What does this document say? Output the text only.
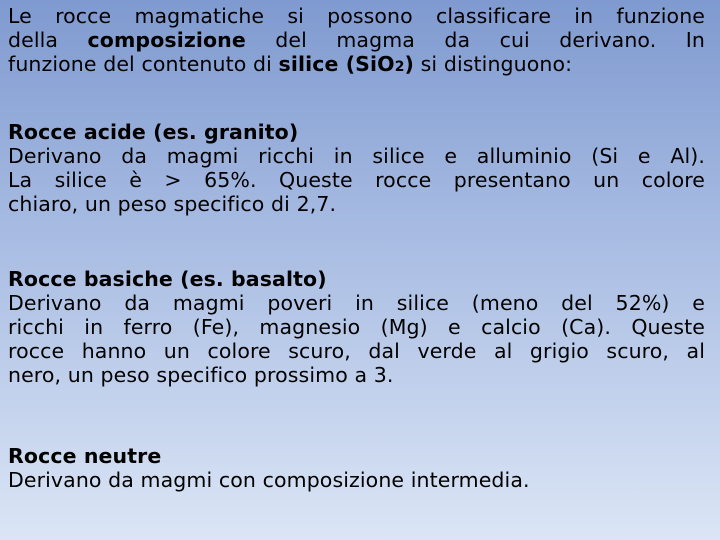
Le rocce magmatiche si possono classificare in funzione
della composizione del magma da cui derivano. In
funzione del contenuto di silice (SiO2) si distinguono:
Rocce acide (es. granito)
Derivano da magmi ricchi in silice e alluminio (Si e Al).
La silice è > 65%. Queste rocce presentano un colore
chiaro, un peso specifico di 2,7.
Rocce basiche (es. basalto)
Derivano da magmi poveri in silice (meno del 52%) e
ricchi in ferro (Fe), magnesio (Mg) e calcio (Ca). Queste
rocce hanno un colore scuro, dal verde al grigio scuro, al
nero, un peso specifico prossimo a 3.
Rocce neutre
Derivano da magmi con composizione intermedia.
